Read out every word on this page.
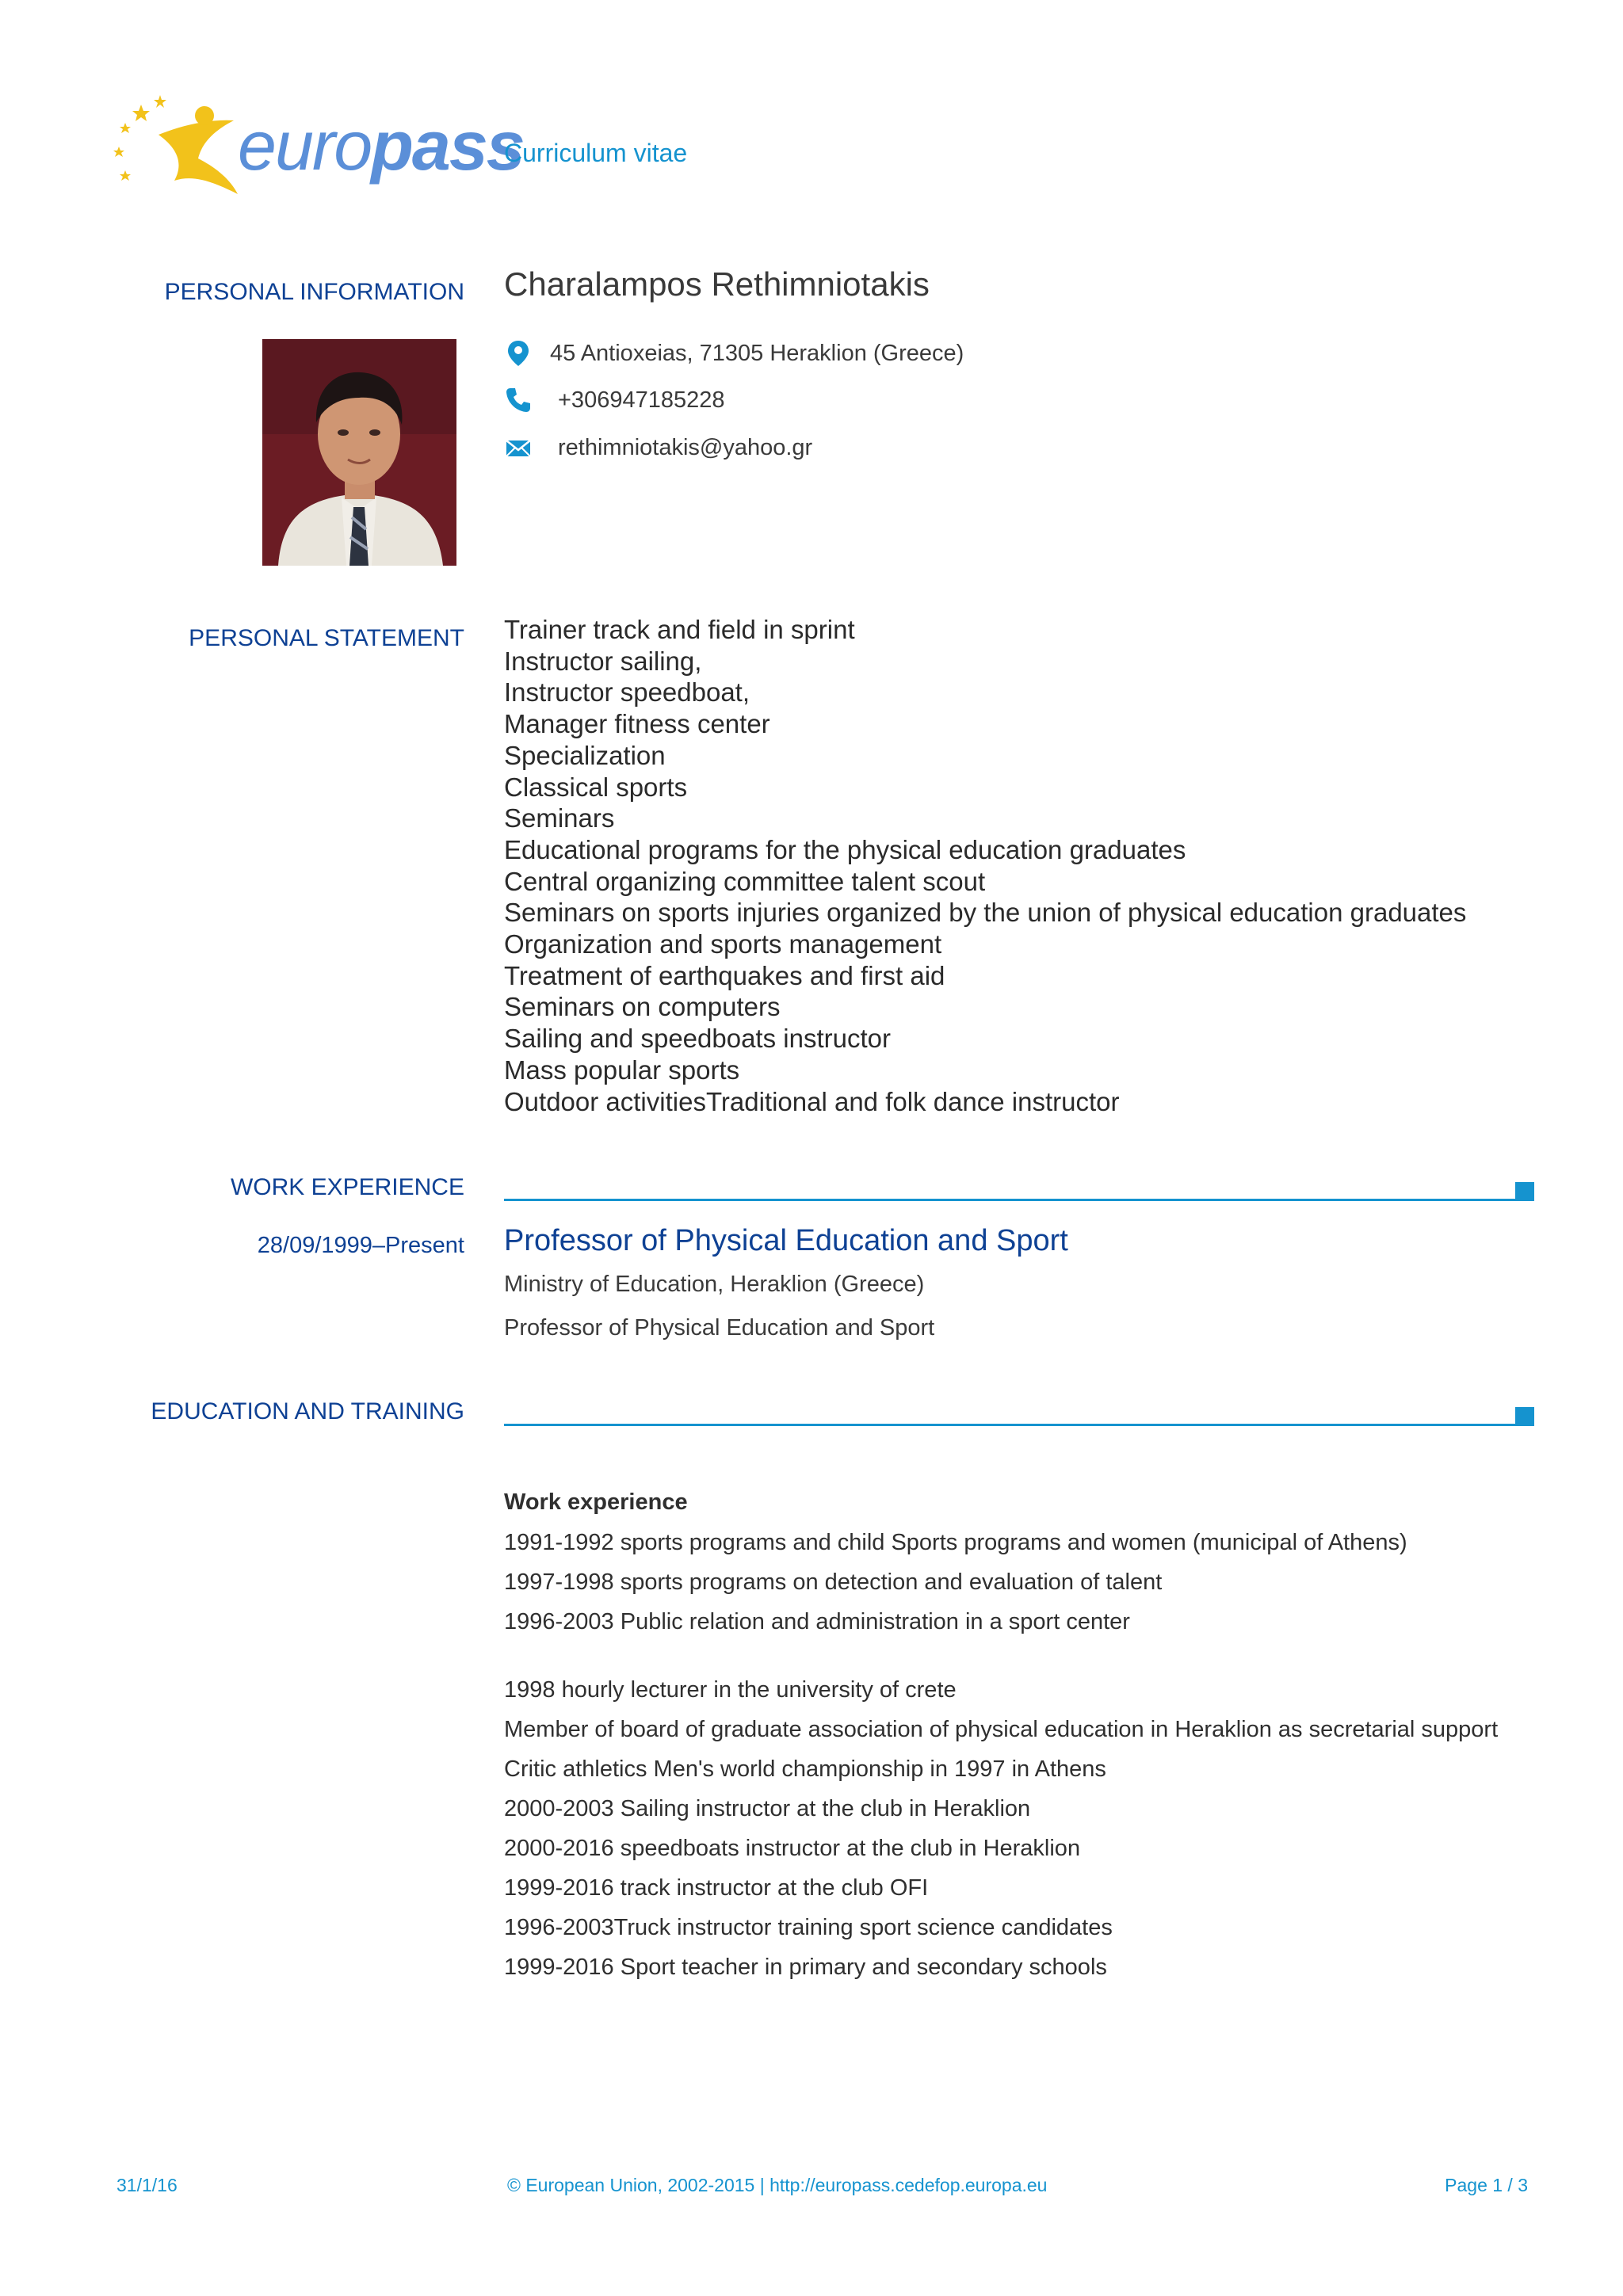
europass
Curriculum vitae
PERSONAL INFORMATION Charalampos Rethimniotakis
45 Antioxeias, 71305 Heraklion (Greece)
+306947185228
rethimniotakis@yahoo.gr
PERSONAL STATEMENT Trainer track and field in sprint
Instructor sailing,
Instructor speedboat,
Manager fitness center
Specialization
Classical sports
Seminars
Educational programs for the physical education graduates
Central organizing committee talent scout
Seminars on sports injuries organized by the union of physical education graduates
Organization and sports management
Treatment of earthquakes and first aid
Seminars on computers
Sailing and speedboats instructor
Mass popular sports
Outdoor activitiesTraditional and folk dance instructor
WORK EXPERIENCE
28/09/1999–Present Professor of Physical Education and Sport
Ministry of Education, Heraklion (Greece)
Professor of Physical Education and Sport
EDUCATION AND TRAINING
Work experience
1991-1992 sports programs and child Sports programs and women (municipal of Athens)
1997-1998 sports programs on detection and evaluation of talent
1996-2003 Public relation and administration in a sport center
1998 hourly lecturer in the university of crete
Member of board of graduate association of physical education in Heraklion as secretarial support
Critic athletics Men's world championship in 1997 in Athens
2000-2003 Sailing instructor at the club in Heraklion
2000-2016 speedboats instructor at the club in Heraklion
1999-2016 track instructor at the club OFI
1996-2003Truck instructor training sport science candidates
1999-2016 Sport teacher in primary and secondary schools
31/1/16	© European Union, 2002-2015 | http://europass.cedefop.europa.eu	Page 1 / 3
